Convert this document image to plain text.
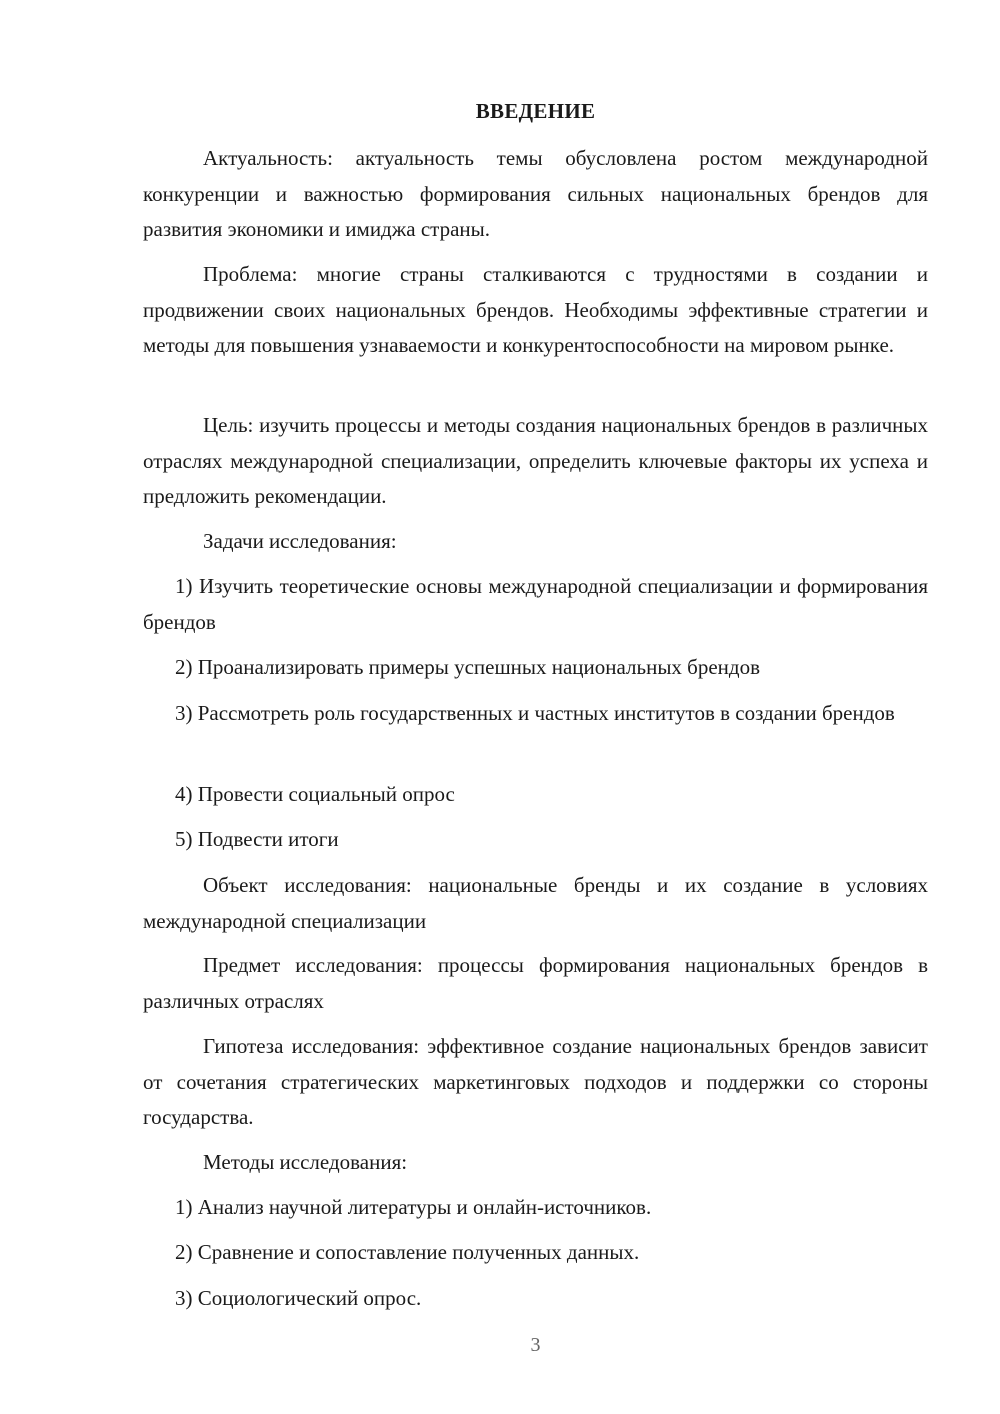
ВВЕДЕНИЕ

Актуальность: актуальность темы обусловлена ростом международной конкуренции и важностью формирования сильных национальных брендов для развития экономики и имиджа страны.

Проблема: многие страны сталкиваются с трудностями в создании и продвижении своих национальных брендов. Необходимы эффективные стратегии и методы для повышения узнаваемости и конкурентоспособности на мировом рынке.

Цель: изучить процессы и методы создания национальных брендов в различных отраслях международной специализации, определить ключевые факторы их успеха и предложить рекомендации.

Задачи исследования:

1) Изучить теоретические основы международной специализации и формирования брендов

2) Проанализировать примеры успешных национальных брендов

3) Рассмотреть роль государственных и частных институтов в создании брендов

4) Провести социальный опрос

5) Подвести итоги

Объект исследования: национальные бренды и их создание в условиях международной специализации

Предмет исследования: процессы формирования национальных брендов в различных отраслях

Гипотеза исследования: эффективное создание национальных брендов зависит от сочетания стратегических маркетинговых подходов и поддержки со стороны государства.

Методы исследования:

1) Анализ научной литературы и онлайн-источников.

2) Сравнение и сопоставление полученных данных.

3) Социологический опрос.

3
